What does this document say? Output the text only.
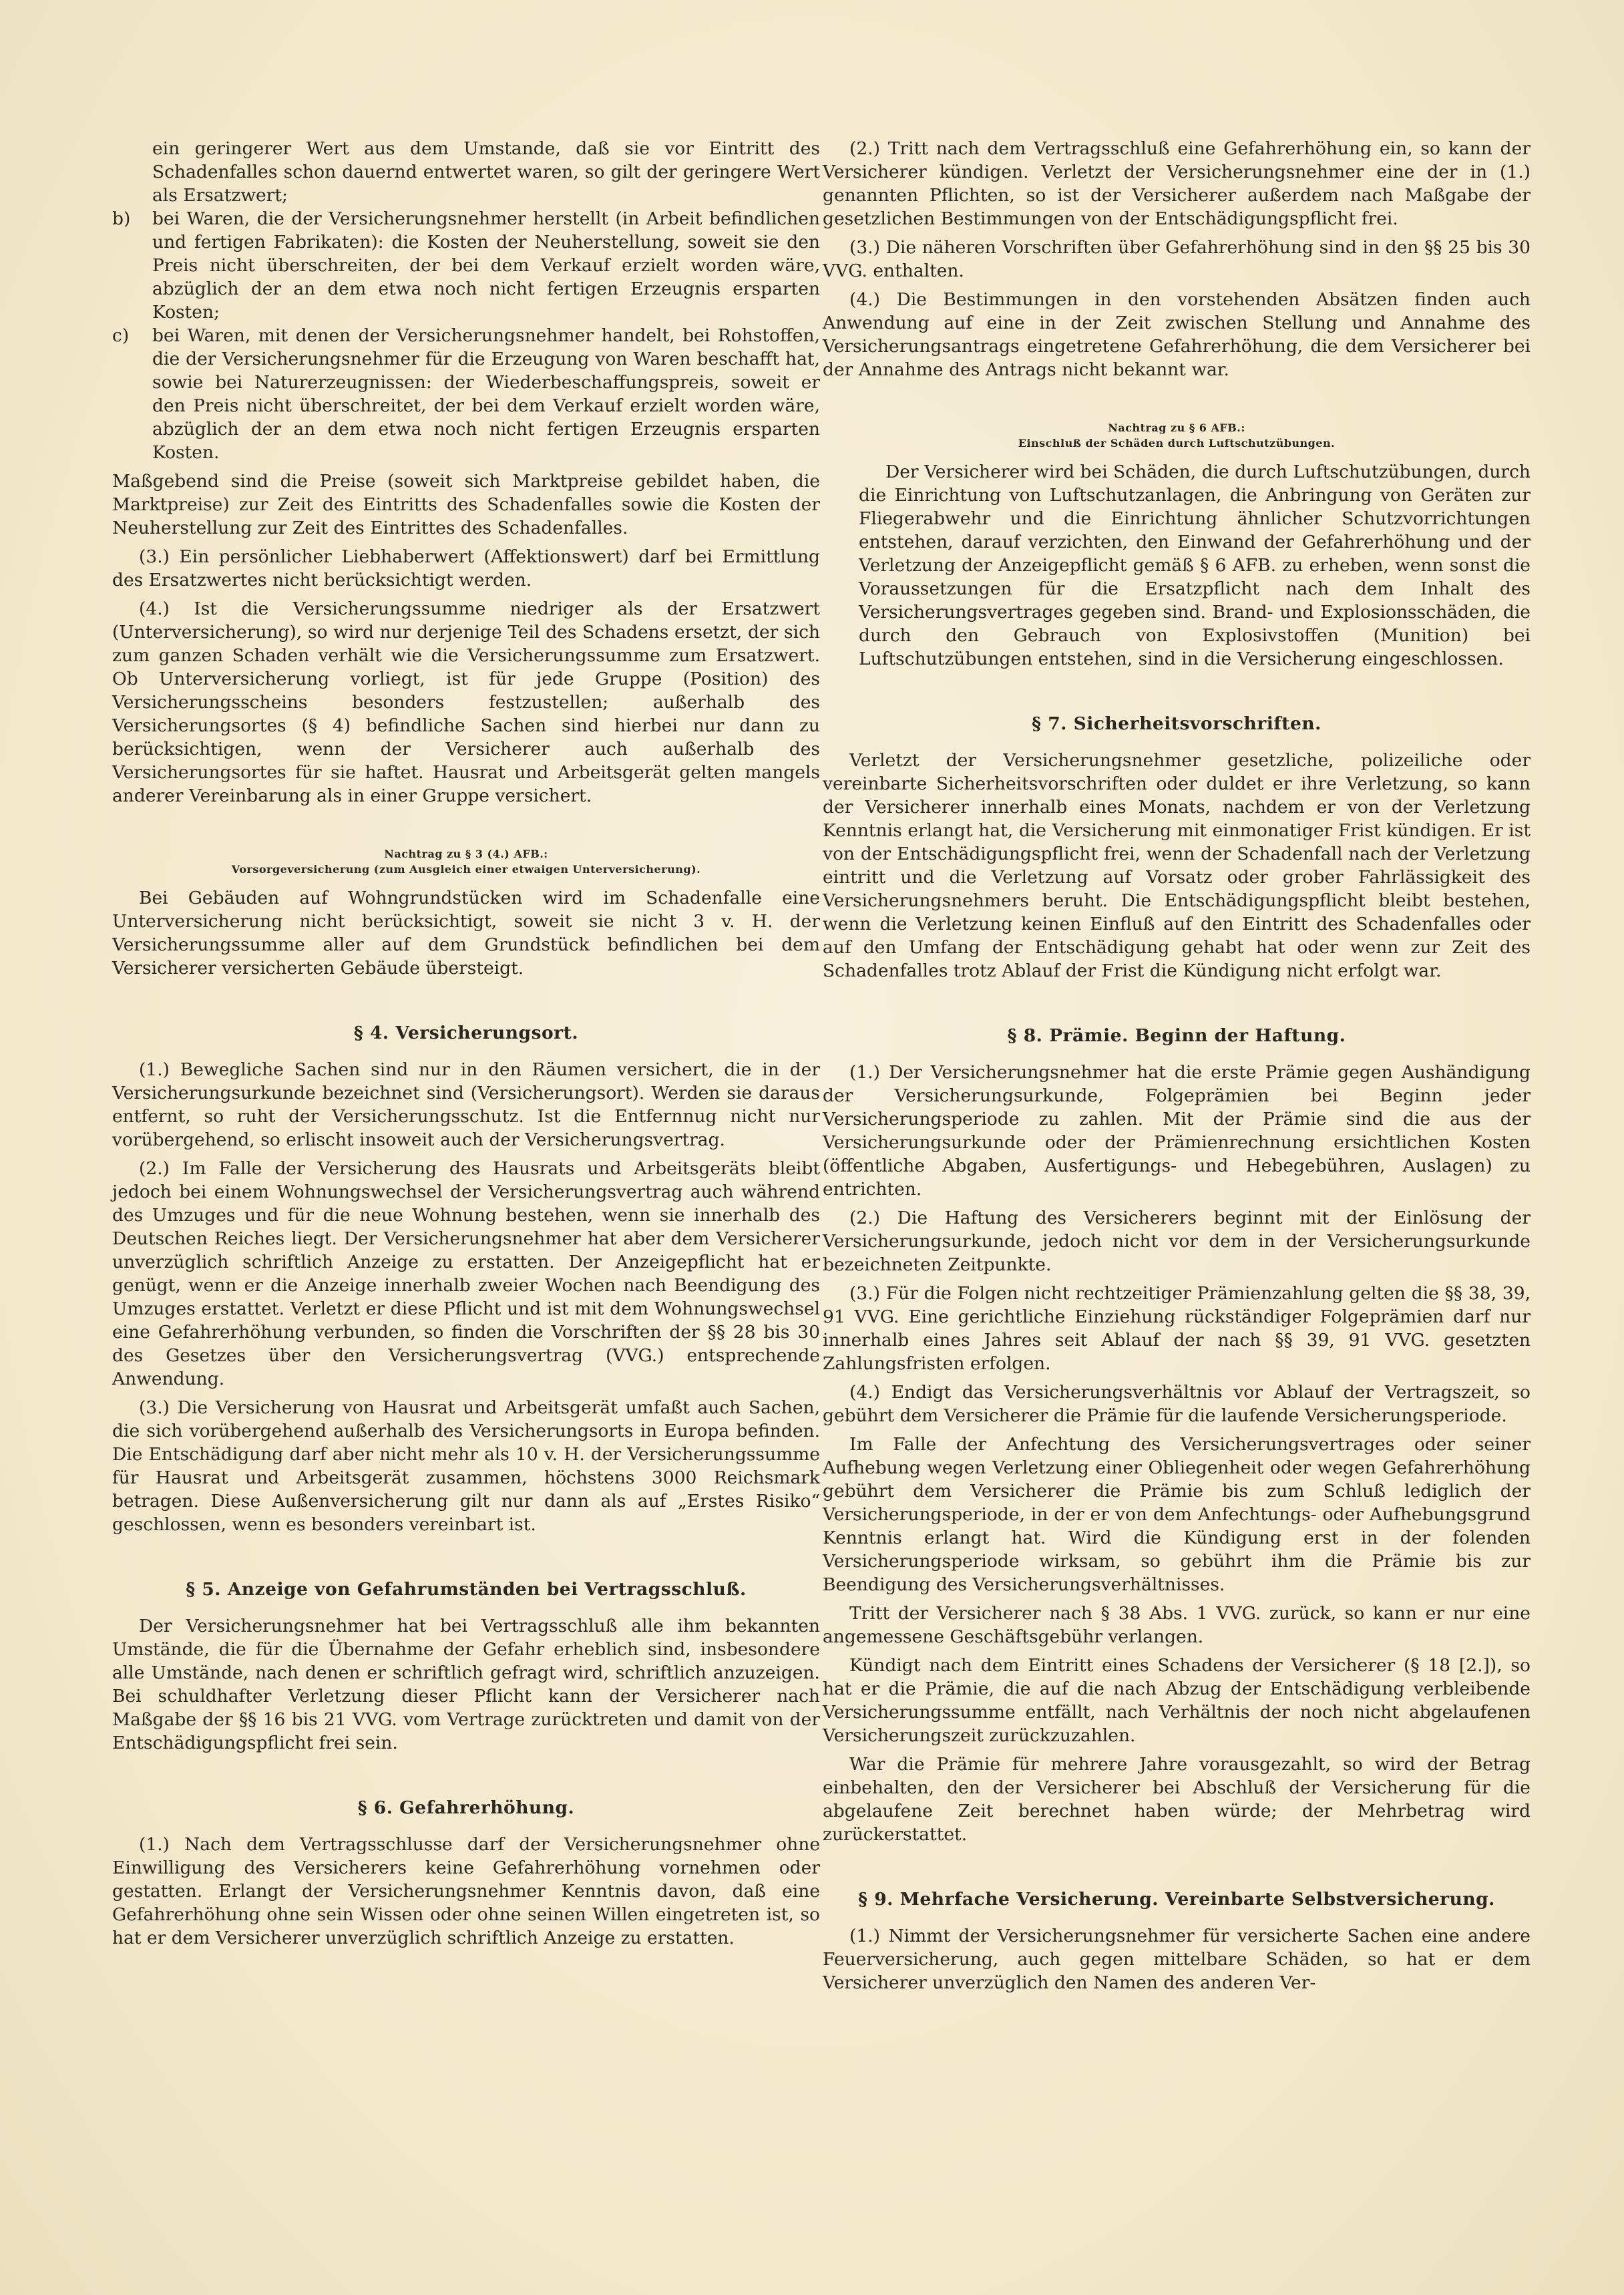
ein geringerer Wert aus dem Umstande, daß sie vor Eintritt des Schadenfalles schon dauernd entwertet waren, so gilt der geringere Wert als Ersatzwert;

b)	bei Waren, die der Versicherungsnehmer herstellt (in Arbeit befindlichen und fertigen Fabrikaten): die Kosten der Neuherstellung, soweit sie den Preis nicht überschreiten, der bei dem Verkauf erzielt worden wäre, abzüglich der an dem etwa noch nicht fertigen Erzeugnis ersparten Kosten;
c)	bei Waren, mit denen der Versicherungsnehmer handelt, bei Rohstoffen, die der Versicherungsnehmer für die Erzeugung von Waren beschafft hat, sowie bei Naturerzeugnissen: der Wiederbeschaffungspreis, soweit er den Preis nicht überschreitet, der bei dem Verkauf erzielt worden wäre, abzüglich der an dem etwa noch nicht fertigen Erzeugnis ersparten Kosten.

Maßgebend sind die Preise (soweit sich Marktpreise gebildet haben, die Marktpreise) zur Zeit des Eintritts des Schadenfalles sowie die Kosten der Neuherstellung zur Zeit des Eintrittes des Schadenfalles.

(3.) Ein persönlicher Liebhaberwert (Affektionswert) darf bei Ermittlung des Ersatzwertes nicht berücksichtigt werden.

(4.) Ist die Versicherungssumme niedriger als der Ersatzwert (Unterversicherung), so wird nur derjenige Teil des Schadens ersetzt, der sich zum ganzen Schaden verhält wie die Versicherungssumme zum Ersatzwert. Ob Unterversicherung vorliegt, ist für jede Gruppe (Position) des Versicherungsscheins besonders festzustellen; außerhalb des Versicherungsortes (§ 4) befindliche Sachen sind hierbei nur dann zu berücksichtigen, wenn der Versicherer auch außerhalb des Versicherungsortes für sie haftet. Hausrat und Arbeitsgerät gelten mangels anderer Vereinbarung als in einer Gruppe versichert.

Nachtrag zu § 3 (4.) AFB.:
Vorsorgeversicherung (zum Ausgleich einer etwaigen Unterversicherung).

Bei Gebäuden auf Wohngrundstücken wird im Schadenfalle eine Unterversicherung nicht berücksichtigt, soweit sie nicht 3 v. H. der Versicherungssumme aller auf dem Grundstück befindlichen bei dem Versicherer versicherten Gebäude übersteigt.

§ 4. Versicherungsort.

(1.) Bewegliche Sachen sind nur in den Räumen versichert, die in der Versicherungsurkunde bezeichnet sind (Versicherungsort). Werden sie daraus entfernt, so ruht der Versicherungsschutz. Ist die Entfernnug nicht nur vorübergehend, so erlischt insoweit auch der Versicherungsvertrag.

(2.) Im Falle der Versicherung des Hausrats und Arbeitsgeräts bleibt jedoch bei einem Wohnungswechsel der Versicherungsvertrag auch während des Umzuges und für die neue Wohnung bestehen, wenn sie innerhalb des Deutschen Reiches liegt. Der Versicherungsnehmer hat aber dem Versicherer unverzüglich schriftlich Anzeige zu erstatten. Der Anzeigepflicht hat er genügt, wenn er die Anzeige innerhalb zweier Wochen nach Beendigung des Umzuges erstattet. Verletzt er diese Pflicht und ist mit dem Wohnungswechsel eine Gefahrerhöhung verbunden, so finden die Vorschriften der §§ 28 bis 30 des Gesetzes über den Versicherungsvertrag (VVG.) entsprechende Anwendung.

(3.) Die Versicherung von Hausrat und Arbeitsgerät umfaßt auch Sachen, die sich vorübergehend außerhalb des Versicherungsorts in Europa befinden. Die Entschädigung darf aber nicht mehr als 10 v. H. der Versicherungssumme für Hausrat und Arbeitsgerät zusammen, höchstens 3000 Reichsmark betragen. Diese Außenversicherung gilt nur dann als auf „Erstes Risiko“ geschlossen, wenn es besonders vereinbart ist.

§ 5. Anzeige von Gefahrumständen bei Vertragsschluß.

Der Versicherungsnehmer hat bei Vertragsschluß alle ihm bekannten Umstände, die für die Übernahme der Gefahr erheblich sind, insbesondere alle Umstände, nach denen er schriftlich gefragt wird, schriftlich anzuzeigen. Bei schuldhafter Verletzung dieser Pflicht kann der Versicherer nach Maßgabe der §§ 16 bis 21 VVG. vom Vertrage zurücktreten und damit von der Entschädigungspflicht frei sein.

§ 6. Gefahrerhöhung.

(1.) Nach dem Vertragsschlusse darf der Versicherungsnehmer ohne Einwilligung des Versicherers keine Gefahrerhöhung vornehmen oder gestatten. Erlangt der Versicherungsnehmer Kenntnis davon, daß eine Gefahrerhöhung ohne sein Wissen oder ohne seinen Willen eingetreten ist, so hat er dem Versicherer unverzüglich schriftlich Anzeige zu erstatten.

(2.) Tritt nach dem Vertragsschluß eine Gefahrerhöhung ein, so kann der Versicherer kündigen. Verletzt der Versicherungsnehmer eine der in (1.) genannten Pflichten, so ist der Versicherer außerdem nach Maßgabe der gesetzlichen Bestimmungen von der Entschädigungspflicht frei.

(3.) Die näheren Vorschriften über Gefahrerhöhung sind in den §§ 25 bis 30 VVG. enthalten.

(4.) Die Bestimmungen in den vorstehenden Absätzen finden auch Anwendung auf eine in der Zeit zwischen Stellung und Annahme des Versicherungsantrags eingetretene Gefahrerhöhung, die dem Versicherer bei der Annahme des Antrags nicht bekannt war.

Nachtrag zu § 6 AFB.:
Einschluß der Schäden durch Luftschutzübungen.

Der Versicherer wird bei Schäden, die durch Luftschutzübungen, durch die Einrichtung von Luftschutzanlagen, die Anbringung von Geräten zur Fliegerabwehr und die Einrichtung ähnlicher Schutzvorrichtungen entstehen, darauf verzichten, den Einwand der Gefahrerhöhung und der Verletzung der Anzeigepflicht gemäß § 6 AFB. zu erheben, wenn sonst die Voraussetzungen für die Ersatzpflicht nach dem Inhalt des Versicherungsvertrages gegeben sind. Brand- und Explosionsschäden, die durch den Gebrauch von Explosivstoffen (Munition) bei Luftschutzübungen entstehen, sind in die Versicherung eingeschlossen.

§ 7. Sicherheitsvorschriften.

Verletzt der Versicherungsnehmer gesetzliche, polizeiliche oder vereinbarte Sicherheitsvorschriften oder duldet er ihre Verletzung, so kann der Versicherer innerhalb eines Monats, nachdem er von der Verletzung Kenntnis erlangt hat, die Versicherung mit einmonatiger Frist kündigen. Er ist von der Entschädigungspflicht frei, wenn der Schadenfall nach der Verletzung eintritt und die Verletzung auf Vorsatz oder grober Fahrlässigkeit des Versicherungsnehmers beruht. Die Entschädigungspflicht bleibt bestehen, wenn die Verletzung keinen Einfluß auf den Eintritt des Schadenfalles oder auf den Umfang der Entschädigung gehabt hat oder wenn zur Zeit des Schadenfalles trotz Ablauf der Frist die Kündigung nicht erfolgt war.

§ 8. Prämie. Beginn der Haftung.

(1.) Der Versicherungsnehmer hat die erste Prämie gegen Aushändigung der Versicherungsurkunde, Folgeprämien bei Beginn jeder Versicherungsperiode zu zahlen. Mit der Prämie sind die aus der Versicherungsurkunde oder der Prämienrechnung ersichtlichen Kosten (öffentliche Abgaben, Ausfertigungs- und Hebegebühren, Auslagen) zu entrichten.

(2.) Die Haftung des Versicherers beginnt mit der Einlösung der Versicherungsurkunde, jedoch nicht vor dem in der Versicherungsurkunde bezeichneten Zeitpunkte.

(3.) Für die Folgen nicht rechtzeitiger Prämienzahlung gelten die §§ 38, 39, 91 VVG. Eine gerichtliche Einziehung rückständiger Folgeprämien darf nur innerhalb eines Jahres seit Ablauf der nach §§ 39, 91 VVG. gesetzten Zahlungsfristen erfolgen.

(4.) Endigt das Versicherungsverhältnis vor Ablauf der Vertragszeit, so gebührt dem Versicherer die Prämie für die laufende Versicherungsperiode.

Im Falle der Anfechtung des Versicherungsvertrages oder seiner Aufhebung wegen Verletzung einer Obliegenheit oder wegen Gefahrerhöhung gebührt dem Versicherer die Prämie bis zum Schluß lediglich der Versicherungsperiode, in der er von dem Anfechtungs- oder Aufhebungsgrund Kenntnis erlangt hat. Wird die Kündigung erst in der folenden Versicherungsperiode wirksam, so gebührt ihm die Prämie bis zur Beendigung des Versicherungsverhältnisses.

Tritt der Versicherer nach § 38 Abs. 1 VVG. zurück, so kann er nur eine angemessene Geschäftsgebühr verlangen.

Kündigt nach dem Eintritt eines Schadens der Versicherer (§ 18 [2.]), so hat er die Prämie, die auf die nach Abzug der Entschädigung verbleibende Versicherungssumme entfällt, nach Verhältnis der noch nicht abgelaufenen Versicherungszeit zurückzuzahlen.

War die Prämie für mehrere Jahre vorausgezahlt, so wird der Betrag einbehalten, den der Versicherer bei Abschluß der Versicherung für die abgelaufene Zeit berechnet haben würde; der Mehrbetrag wird zurückerstattet.

§ 9. Mehrfache Versicherung. Vereinbarte Selbstversicherung.

(1.) Nimmt der Versicherungsnehmer für versicherte Sachen eine andere Feuerversicherung, auch gegen mittelbare Schäden, so hat er dem Versicherer unverzüglich den Namen des anderen Ver-
